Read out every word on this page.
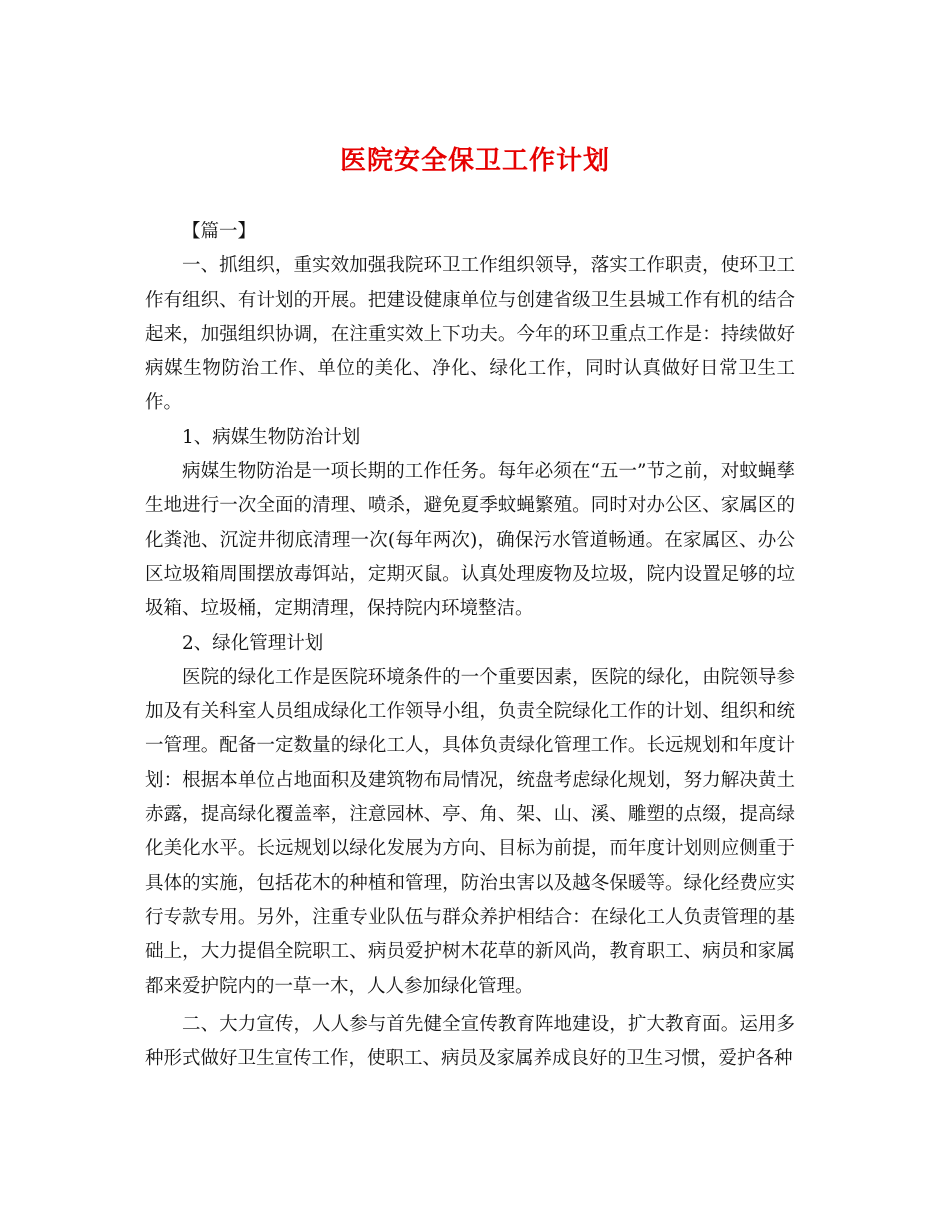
医院安全保卫工作计划

【篇一】

一、抓组织，重实效加强我院环卫工作组织领导，落实工作职责，使环卫工作有组织、有计划的开展。把建设健康单位与创建省级卫生县城工作有机的结合起来，加强组织协调，在注重实效上下功夫。今年的环卫重点工作是：持续做好病媒生物防治工作、单位的美化、净化、绿化工作，同时认真做好日常卫生工作。

1、病媒生物防治计划

病媒生物防治是一项长期的工作任务。每年必须在“五一”节之前，对蚊蝇孳生地进行一次全面的清理、喷杀，避免夏季蚊蝇繁殖。同时对办公区、家属区的化粪池、沉淀井彻底清理一次(每年两次)，确保污水管道畅通。在家属区、办公区垃圾箱周围摆放毒饵站，定期灭鼠。认真处理废物及垃圾，院内设置足够的垃圾箱、垃圾桶，定期清理，保持院内环境整洁。

2、绿化管理计划

医院的绿化工作是医院环境条件的一个重要因素，医院的绿化，由院领导参加及有关科室人员组成绿化工作领导小组，负责全院绿化工作的计划、组织和统一管理。配备一定数量的绿化工人，具体负责绿化管理工作。长远规划和年度计划：根据本单位占地面积及建筑物布局情况，统盘考虑绿化规划，努力解决黄土赤露，提高绿化覆盖率，注意园林、亭、角、架、山、溪、雕塑的点缀，提高绿化美化水平。长远规划以绿化发展为方向、目标为前提，而年度计划则应侧重于具体的实施，包括花木的种植和管理，防治虫害以及越冬保暖等。绿化经费应实行专款专用。另外，注重专业队伍与群众养护相结合：在绿化工人负责管理的基础上，大力提倡全院职工、病员爱护树木花草的新风尚，教育职工、病员和家属都来爱护院内的一草一木，人人参加绿化管理。

二、大力宣传，人人参与首先健全宣传教育阵地建设，扩大教育面。运用多种形式做好卫生宣传工作，使职工、病员及家属养成良好的卫生习惯，爱护各种
